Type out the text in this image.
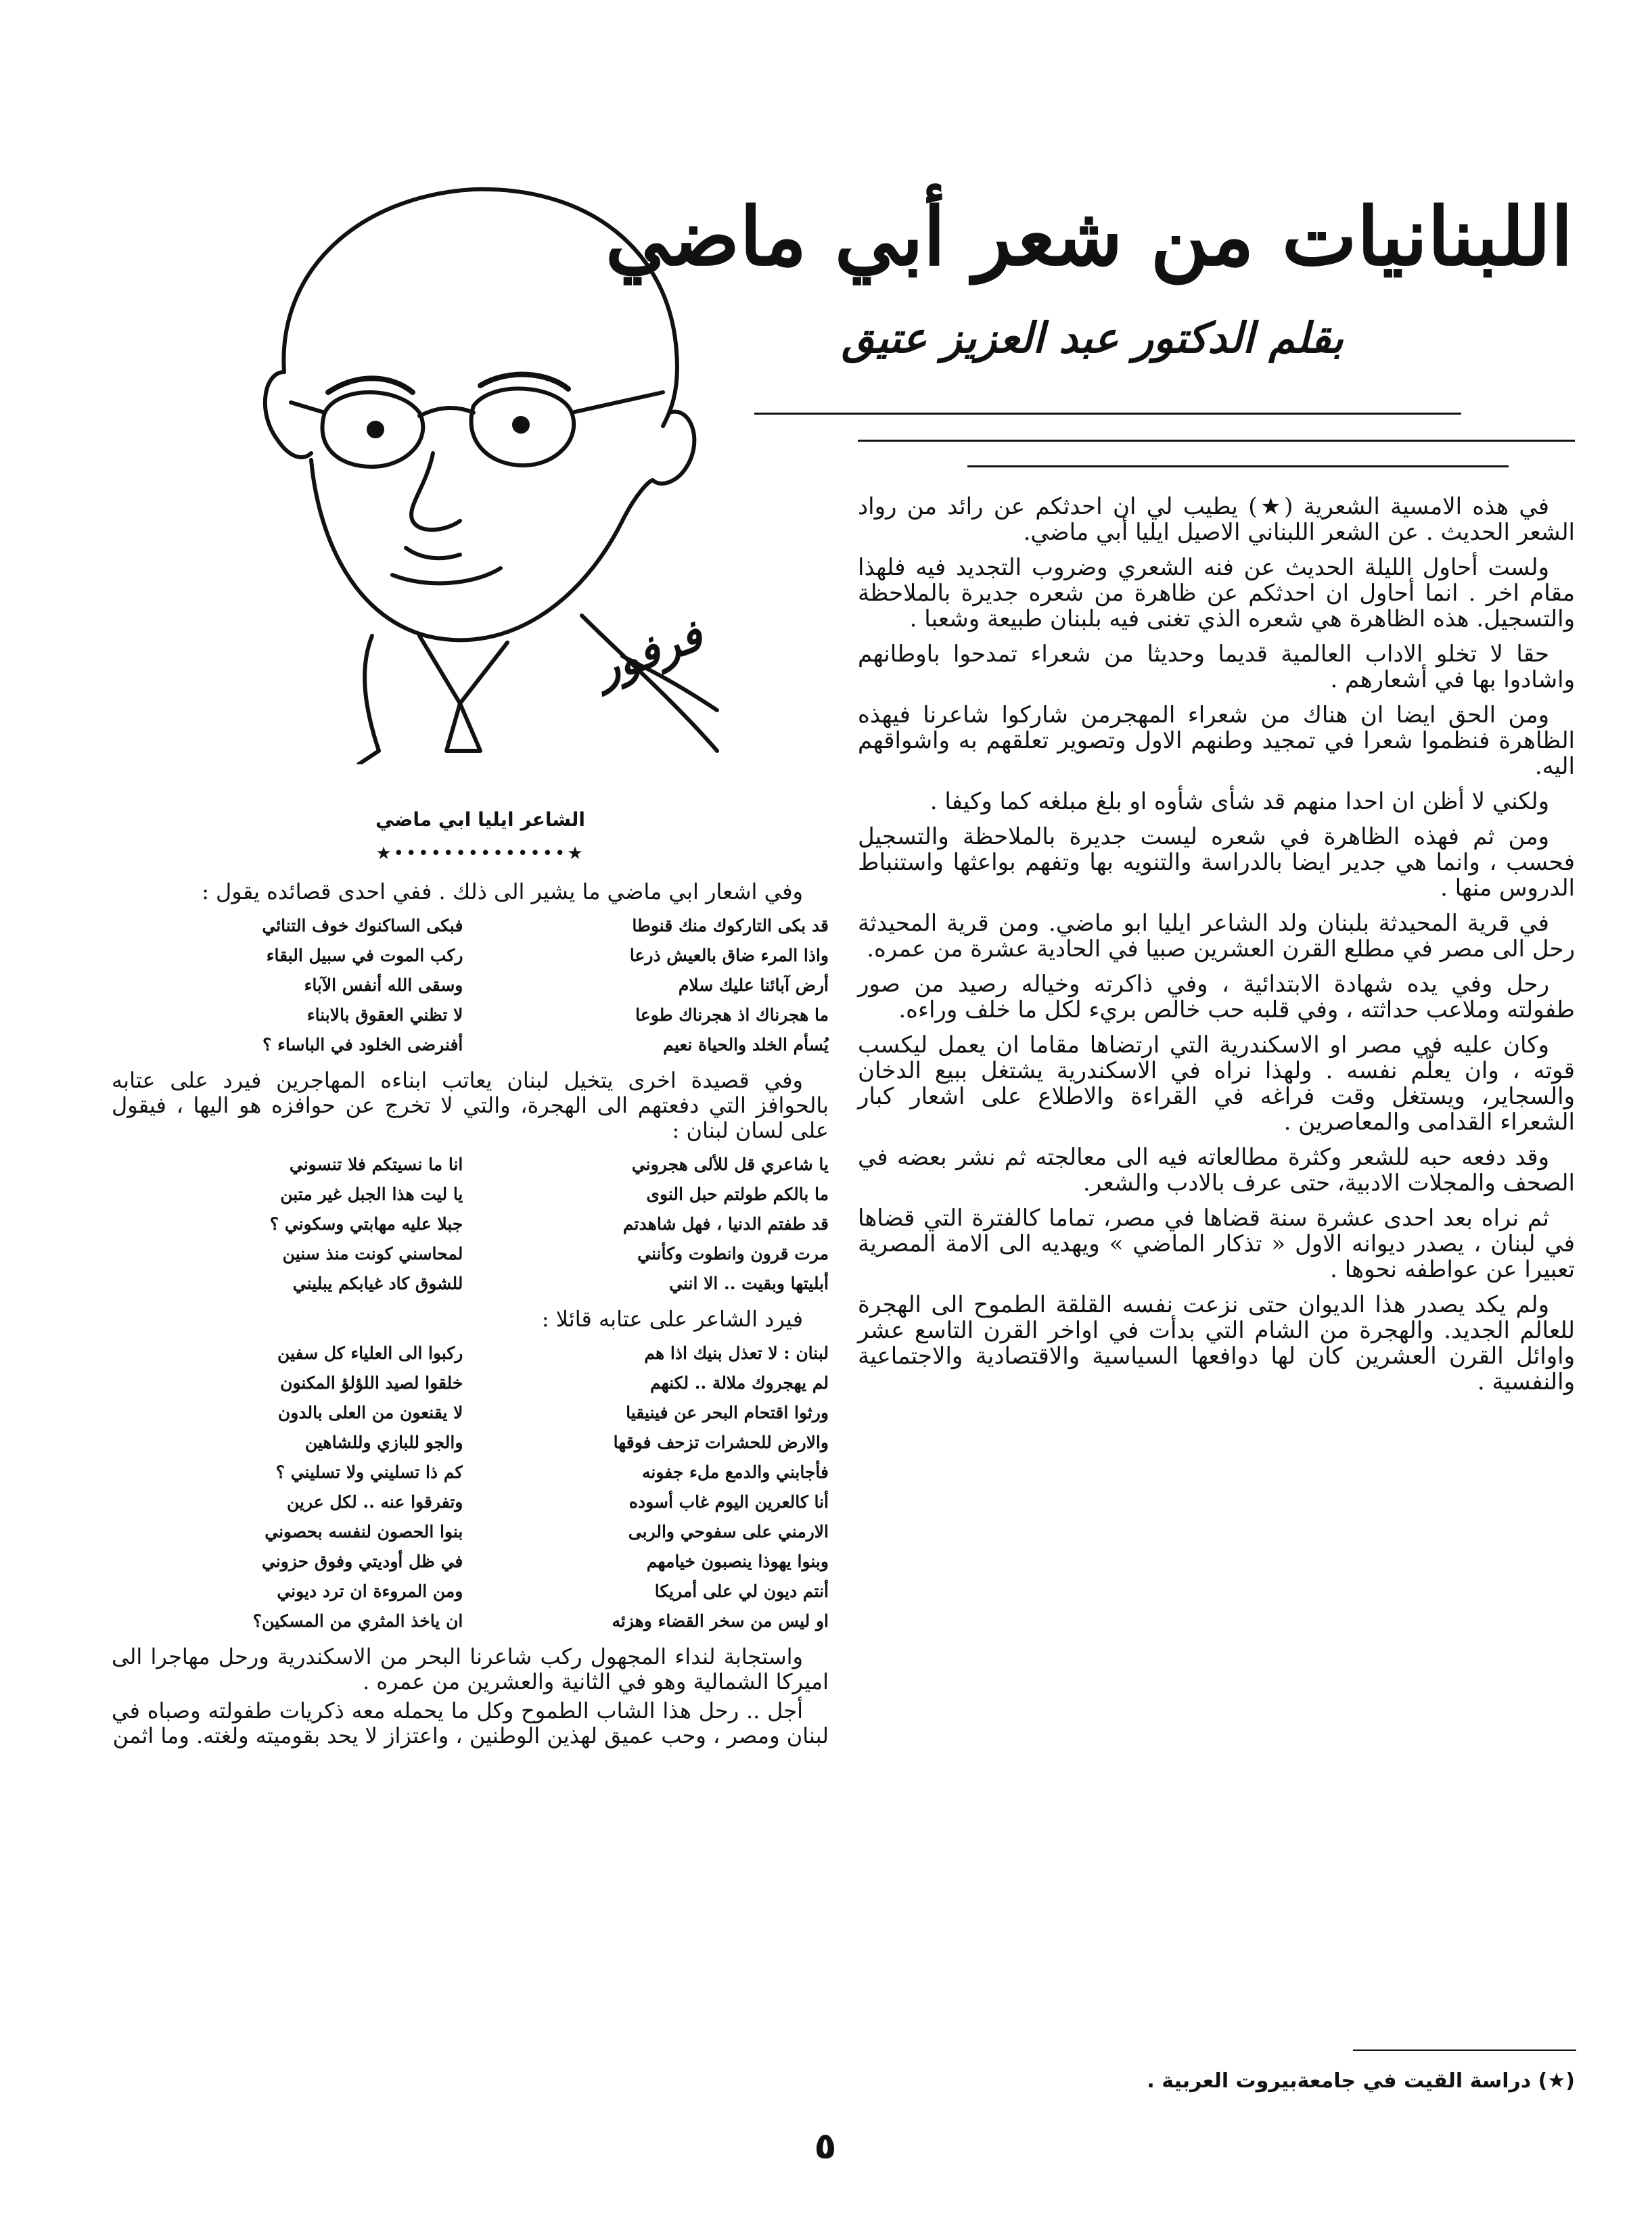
اللبنانيات من شعر أبي ماضي
بقلم الدكتور عبد العزيز عتيق
فرفور
الشاعر ايليا ابي ماضي
★••••••••••••••★

في هذه الامسية الشعرية (★) يطيب لي ان احدثكم عن رائد من رواد الشعر الحديث . عن الشعر اللبناني الاصيل ايليا أبي ماضي.

ولست أحاول الليلة الحديث عن فنه الشعري وضروب التجديد فيه فلهذا مقام اخر . انما أحاول ان احدثكم عن ظاهرة من شعره جديرة بالملاحظة والتسجيل. هذه الظاهرة هي شعره الذي تغنى فيه بلبنان طبيعة وشعبا .

حقا لا تخلو الاداب العالمية قديما وحديثا من شعراء تمدحوا باوطانهم واشادوا بها في أشعارهم .

ومن الحق ايضا ان هناك من شعراء المهجرمن شاركوا شاعرنا فيهذه الظاهرة فنظموا شعرا في تمجيد وطنهم الاول وتصوير تعلقهم به واشواقهم اليه.

ولكني لا أظن ان احدا منهم قد شأى شأوه او بلغ مبلغه كما وكيفا .

ومن ثم فهذه الظاهرة في شعره ليست جديرة بالملاحظة والتسجيل فحسب ، وانما هي جدير ايضا بالدراسة والتنويه بها وتفهم بواعثها واستنباط الدروس منها .

في قرية المحيدثة بلبنان ولد الشاعر ايليا ابو ماضي. ومن قرية المحيدثة رحل الى مصر في مطلع القرن العشرين صبيا في الحادية عشرة من عمره.

رحل وفي يده شهادة الابتدائية ، وفي ذاكرته وخياله رصيد من صور طفولته وملاعب حداثته ، وفي قلبه حب خالص بريء لكل ما خلف وراءه.

وكان عليه في مصر او الاسكندرية التي ارتضاها مقاما ان يعمل ليكسب قوته ، وان يعلّم نفسه . ولهذا نراه في الاسكندرية يشتغل ببيع الدخان والسجاير، ويستغل وقت فراغه في القراءة والاطلاع على اشعار كبار الشعراء القدامى والمعاصرين .

وقد دفعه حبه للشعر وكثرة مطالعاته فيه الى معالجته ثم نشر بعضه في الصحف والمجلات الادبية، حتى عرف بالادب والشعر.

ثم نراه بعد احدى عشرة سنة قضاها في مصر، تماما كالفترة التي قضاها في لبنان ، يصدر ديوانه الاول « تذكار الماضي » ويهديه الى الامة المصرية تعبيرا عن عواطفه نحوها .

ولم يكد يصدر هذا الديوان حتى نزعت نفسه القلقة الطموح الى الهجرة للعالم الجديد. والهجرة من الشام التي بدأت في اواخر القرن التاسع عشر واوائل القرن العشرين كان لها دوافعها السياسية والاقتصادية والاجتماعية والنفسية .

(★) دراسة القيت في جامعةبيروت العربية .

وفي اشعار ابي ماضي ما يشير الى ذلك . ففي احدى قصائده يقول :

قد بكى التاركوك منك قنوطا
فبكى الساكنوك خوف التنائي
واذا المرء ضاق بالعيش ذرعا
ركب الموت في سبيل البقاء
أرض آبائنا عليك سلام
وسقى الله أنفس الآباء
ما هجرناك اذ هجرناك طوعا
لا تظني العقوق بالابناء
يُسأم الخلد والحياة نعيم
أفنرضى الخلود في الباساء ؟

وفي قصيدة اخرى يتخيل لبنان يعاتب ابناءه المهاجرين فيرد على عتابه بالحوافز التي دفعتهم الى الهجرة، والتي لا تخرج عن حوافزه هو اليها ، فيقول على لسان لبنان :

يا شاعري قل للألى هجروني
انا ما نسيتكم فلا تنسوني
ما بالكم طولتم حبل النوى
يا ليت هذا الجبل غير متبن
قد طفتم الدنيا ، فهل شاهدتم
جبلا عليه مهابتي وسكوني ؟
مرت قرون وانطوت وكأنني
لمحاسني كونت منذ سنين
أبليتها وبقيت .. الا انني
للشوق كاد غيابكم يبليني

فيرد الشاعر على عتابه قائلا :

لبنان : لا تعذل بنيك اذا هم
ركبوا الى العلياء كل سفين
لم يهجروك ملالة .. لكنهم
خلقوا لصيد اللؤلؤ المكنون
ورثوا اقتحام البحر عن فينيقيا
لا يقنعون من العلى بالدون
والارض للحشرات تزحف فوقها
والجو للبازي وللشاهين
فأجابني والدمع ملء جفونه
كم ذا تسليني ولا تسليني ؟
أنا كالعرين اليوم غاب أسوده
وتفرقوا عنه .. لكل عرين
الارمني على سفوحي والربى
بنوا الحصون لنفسه بحصوني
وبنوا يهوذا ينصبون خيامهم
في ظل أوديتي وفوق حزوني
أنتم ديون لي على أمريكا
ومن المروءة ان ترد ديوني
او ليس من سخر القضاء وهزئه
ان ياخذ المثري من المسكين؟

واستجابة لنداء المجهول ركب شاعرنا البحر من الاسكندرية ورحل مهاجرا الى اميركا الشمالية وهو في الثانية والعشرين من عمره .

أجل .. رحل هذا الشاب الطموح وكل ما يحمله معه ذكريات طفولته وصباه في لبنان ومصر ، وحب عميق لهذين الوطنين ، واعتزاز لا يحد بقوميته ولغته. وما اثمن

٥
